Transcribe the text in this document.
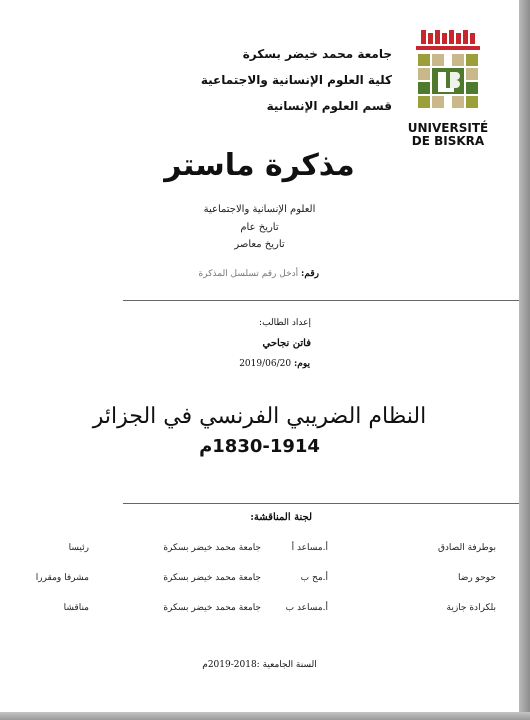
UNIVERSITÉ
DE BISKRA
جامعة محمد خيضر بسكرة
كلية العلوم الإنسانية والاجتماعية
قسم العلوم الإنسانية
مذكرة ماستر
العلوم الإنسانية والاجتماعية
تاريخ عام
تاريخ معاصر
رقم: أدخل رقم تسلسل المذكرة
إعداد الطالب:
فاتن نجاحي
يوم: 2019/06/20
النظام الضريبي الفرنسي في الجزائر
1830-1914م
لجنة المناقشة:
بوطرفة الصادق
أ.مساعد أ
جامعة محمد خيضر بسكرة
رئيسا
حوحو رضا
أ.مح ب
جامعة محمد خيضر بسكرة
مشرفا ومقررا
بلكرادة جازية
أ.مساعد ب
جامعة محمد خيضر بسكرة
مناقشا
السنة الجامعية :2018-2019م
